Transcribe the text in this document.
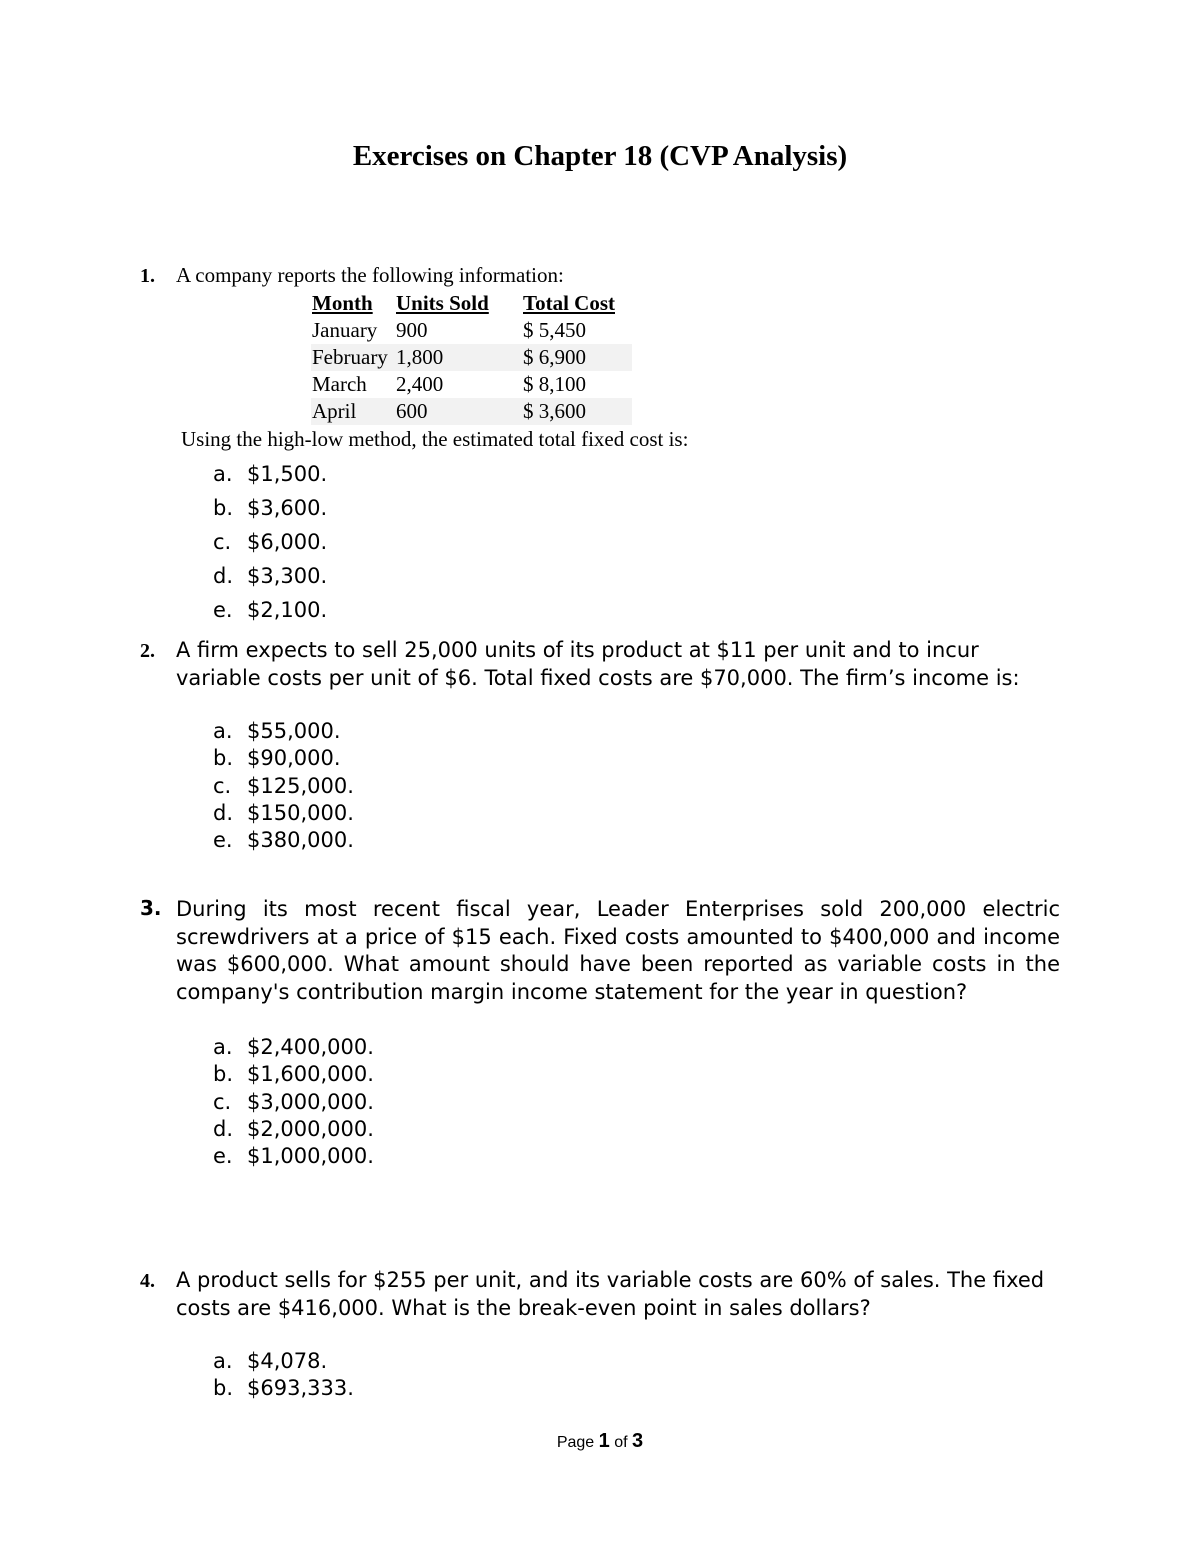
Exercises on Chapter 18 (CVP Analysis)
1. A company reports the following information:
Month	Units Sold	Total Cost
January	900	$ 5,450
February	1,800	$ 6,900
March	2,400	$ 8,100
April	600	$ 3,600
Using the high-low method, the estimated total fixed cost is:
a. $1,500.
b. $3,600.
c. $6,000.
d. $3,300.
e. $2,100.
2. A firm expects to sell 25,000 units of its product at $11 per unit and to incur variable costs per unit of $6. Total fixed costs are $70,000. The firm’s income is:
a. $55,000.
b. $90,000.
c. $125,000.
d. $150,000.
e. $380,000.
3. During its most recent fiscal year, Leader Enterprises sold 200,000 electric screwdrivers at a price of $15 each. Fixed costs amounted to $400,000 and income was $600,000. What amount should have been reported as variable costs in the company's contribution margin income statement for the year in question?
a. $2,400,000.
b. $1,600,000.
c. $3,000,000.
d. $2,000,000.
e. $1,000,000.
4. A product sells for $255 per unit, and its variable costs are 60% of sales. The fixed costs are $416,000. What is the break-even point in sales dollars?
a. $4,078.
b. $693,333.
Page 1 of 3
